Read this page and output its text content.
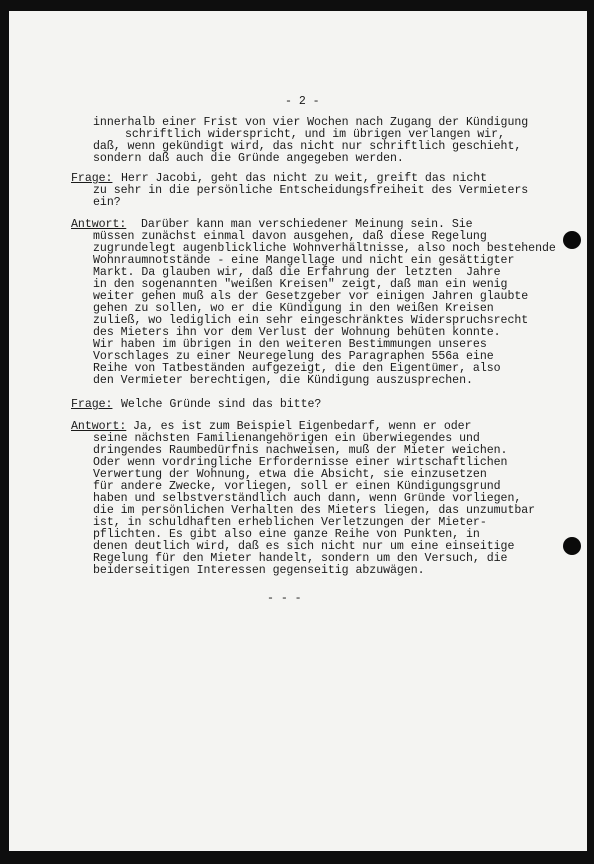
- 2 -

innerhalb einer Frist von vier Wochen nach Zugang der Kündigung

schriftlich widerspricht, und im übrigen verlangen wir,

daß, wenn gekündigt wird, das nicht nur schriftlich geschieht,

sondern daß auch die Gründe angegeben werden.

Frage:

Herr Jacobi, geht das nicht zu weit, greift das nicht

zu sehr in die persönliche Entscheidungsfreiheit des Vermieters

ein?

Antwort:

Darüber kann man verschiedener Meinung sein. Sie

müssen zunächst einmal davon ausgehen, daß diese Regelung

zugrundelegt augenblickliche Wohnverhältnisse, also noch bestehende

Wohnraumnotstände - eine Mangellage und nicht ein gesättigter

Markt. Da glauben wir, daß die Erfahrung der letzten  Jahre

in den sogenannten "weißen Kreisen" zeigt, daß man ein wenig

weiter gehen muß als der Gesetzgeber vor einigen Jahren glaubte

gehen zu sollen, wo er die Kündigung in den weißen Kreisen

zuließ, wo lediglich ein sehr eingeschränktes Widerspruchsrecht

des Mieters ihn vor dem Verlust der Wohnung behüten konnte.

Wir haben im übrigen in den weiteren Bestimmungen unseres

Vorschlages zu einer Neuregelung des Paragraphen 556a eine

Reihe von Tatbeständen aufgezeigt, die den Eigentümer, also

den Vermieter berechtigen, die Kündigung auszusprechen.

Frage:

Welche Gründe sind das bitte?

Antwort:

Ja, es ist zum Beispiel Eigenbedarf, wenn er oder

seine nächsten Familienangehörigen ein überwiegendes und

dringendes Raumbedürfnis nachweisen, muß der Mieter weichen.

Oder wenn vordringliche Erfordernisse einer wirtschaftlichen

Verwertung der Wohnung, etwa die Absicht, sie einzusetzen

für andere Zwecke, vorliegen, soll er einen Kündigungsgrund

haben und selbstverständlich auch dann, wenn Gründe vorliegen,

die im persönlichen Verhalten des Mieters liegen, das unzumutbar

ist, in schuldhaften erheblichen Verletzungen der Mieter-

pflichten. Es gibt also eine ganze Reihe von Punkten, in

denen deutlich wird, daß es sich nicht nur um eine einseitige

Regelung für den Mieter handelt, sondern um den Versuch, die

beiderseitigen Interessen gegenseitig abzuwägen.

- - -
